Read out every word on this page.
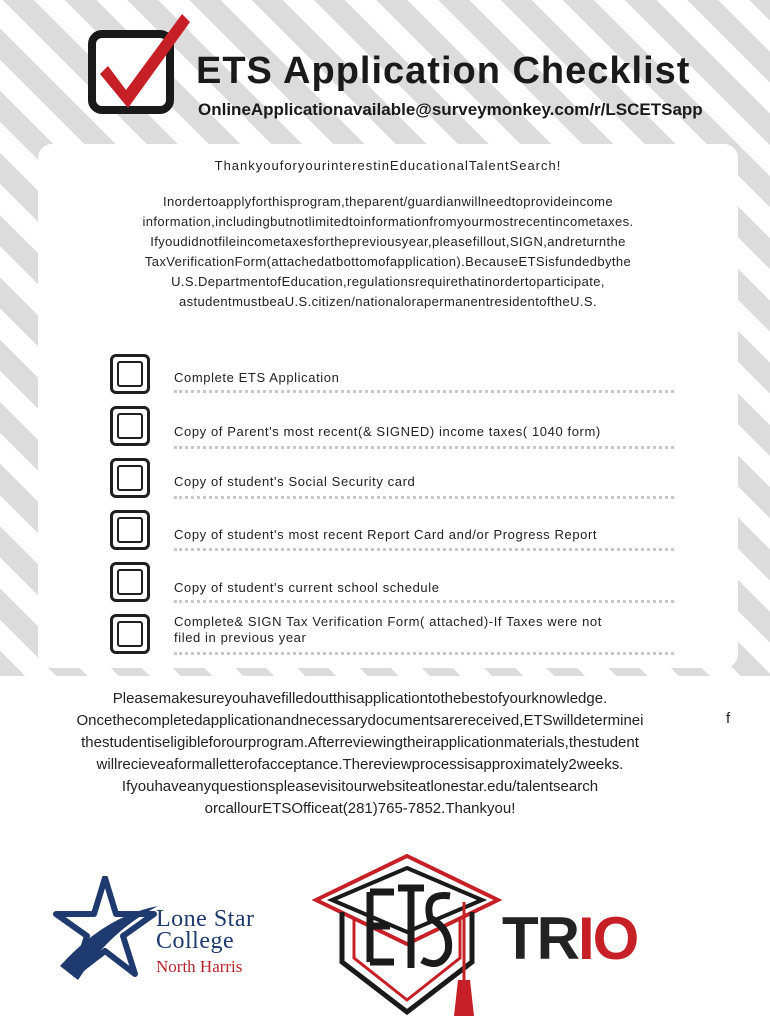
ETS Application Checklist
OnlineApplicationavailable@surveymonkey.com/r/LSCETSapp
ThankyouforyourinterestinEducationalTalentSearch!
Inordertoapplyforthisprogram,theparent/guardianwillneedtoprovideincome
information,includingbutnotlimitedtoinformationfromyourmostrecentincometaxes.
Ifyoudidnotfileincometaxesforthepreviousyear,pleasefillout,SIGN,andreturnthe
TaxVerificationForm(attachedatbottomofapplication).BecauseETSisfundedbythe
U.S.DepartmentofEducation,regulationsrequirethatinordertoparticipate,
astudentmustbeaU.S.citizen/nationalorapermanentresidentoftheU.S.
Complete ETS Application
Copy of Parent's most recent(& SIGNED) income taxes( 1040 form)
Copy of student's Social Security card
Copy of student's most recent Report Card and/or Progress Report
Copy of student's current school schedule
Complete& SIGN Tax Verification Form( attached)-If Taxes were not
filed in previous year
Pleasemakesureyouhavefilledoutthisapplicationtothebestofyourknowledge.
Oncethecompletedapplicationandnecessarydocumentsarereceived,ETSwilldeterminei
thestudentiseligibleforourprogram.Afterreviewingtheirapplicationmaterials,thestudent
willrecieveaformalletterofacceptance.Thereviewprocessisapproximately2weeks.
Ifyouhaveanyquestionspleasevisitourwebsiteatlonestar.edu/talentsearch
orcallourETSOfficeat(281)765-7852.Thankyou!
f
Lone Star
College
North Harris	TRIO
